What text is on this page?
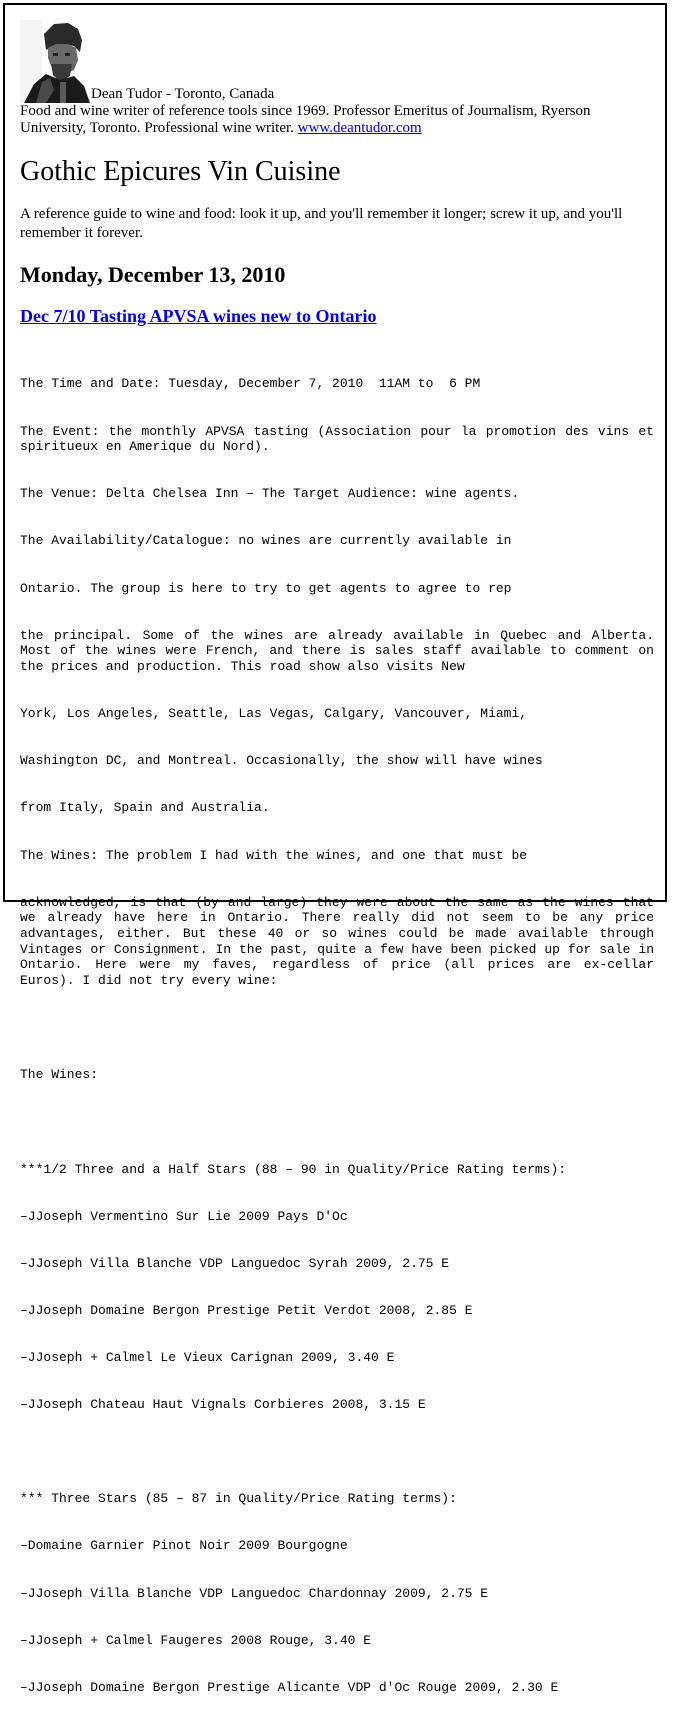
Dean Tudor - Toronto, Canada
Food and wine writer of reference tools since 1969. Professor Emeritus of Journalism, Ryerson University, Toronto. Professional wine writer. www.deantudor.com
Gothic Epicures Vin Cuisine

A reference guide to wine and food: look it up, and you'll remember it longer; screw it up, and you'll remember it forever.

Monday, December 13, 2010
Dec 7/10 Tasting APVSA wines new to Ontario

The Time and Date: Tuesday, December 7, 2010  11AM to  6 PM

The Event: the monthly APVSA tasting (Association pour la promotion des vins et spiritueux en Amerique du Nord).

The Venue: Delta Chelsea Inn – The Target Audience: wine agents.

The Availability/Catalogue: no wines are currently available in

Ontario. The group is here to try to get agents to agree to rep

the principal. Some of the wines are already available in Quebec and Alberta. Most of the wines were French, and there is sales staff available to comment on the prices and production. This road show also visits New

York, Los Angeles, Seattle, Las Vegas, Calgary, Vancouver, Miami,

Washington DC, and Montreal. Occasionally, the show will have wines

from Italy, Spain and Australia.

The Wines: The problem I had with the wines, and one that must be

acknowledged, is that (by and large) they were about the same as the wines that we already have here in Ontario. There really did not seem to be any price advantages, either. But these 40 or so wines could be made available through Vintages or Consignment. In the past, quite a few have been picked up for sale in Ontario. Here were my faves, regardless of price (all prices are ex-cellar Euros). I did not try every wine:

The Wines:

***1/2 Three and a Half Stars (88 – 90 in Quality/Price Rating terms):

–JJoseph Vermentino Sur Lie 2009 Pays D'Oc

–JJoseph Villa Blanche VDP Languedoc Syrah 2009, 2.75 E

–JJoseph Domaine Bergon Prestige Petit Verdot 2008, 2.85 E

–JJoseph + Calmel Le Vieux Carignan 2009, 3.40 E

–JJoseph Chateau Haut Vignals Corbieres 2008, 3.15 E

*** Three Stars (85 – 87 in Quality/Price Rating terms):

–Domaine Garnier Pinot Noir 2009 Bourgogne

–JJoseph Villa Blanche VDP Languedoc Chardonnay 2009, 2.75 E

–JJoseph + Calmel Faugeres 2008 Rouge, 3.40 E

–JJoseph Domaine Bergon Prestige Alicante VDP d'Oc Rouge 2009, 2.30 E
